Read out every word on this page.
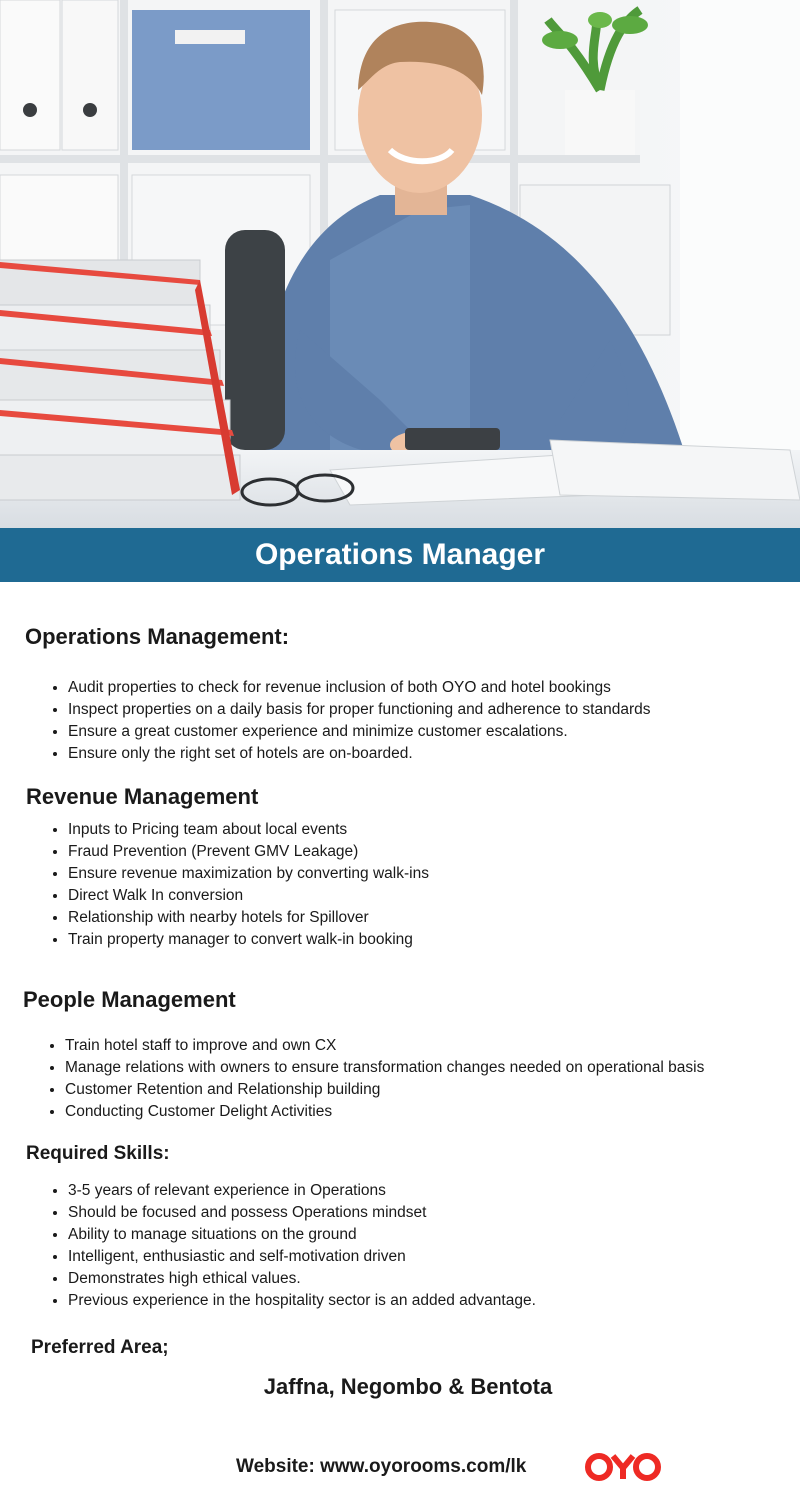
Operations Manager
Operations Management:
• Audit properties to check for revenue inclusion of both OYO and hotel bookings
• Inspect properties on a daily basis for proper functioning and adherence to standards
• Ensure a great customer experience and minimize customer escalations.
• Ensure only the right set of hotels are on-boarded.
Revenue Management
• Inputs to Pricing team about local events
• Fraud Prevention (Prevent GMV Leakage)
• Ensure revenue maximization by converting walk-ins
• Direct Walk In conversion
• Relationship with nearby hotels for Spillover
• Train property manager to convert walk-in booking
People Management
• Train hotel staff to improve and own CX
• Manage relations with owners to ensure transformation changes needed on operational basis
• Customer Retention and Relationship building
• Conducting Customer Delight Activities
Required Skills:
• 3-5 years of relevant experience in Operations
• Should be focused and possess Operations mindset
• Ability to manage situations on the ground
• Intelligent, enthusiastic and self-motivation driven
• Demonstrates high ethical values.
• Previous experience in the hospitality sector is an added advantage.
Preferred Area;
Jaffna, Negombo & Bentota
Website: www.oyorooms.com/lk
